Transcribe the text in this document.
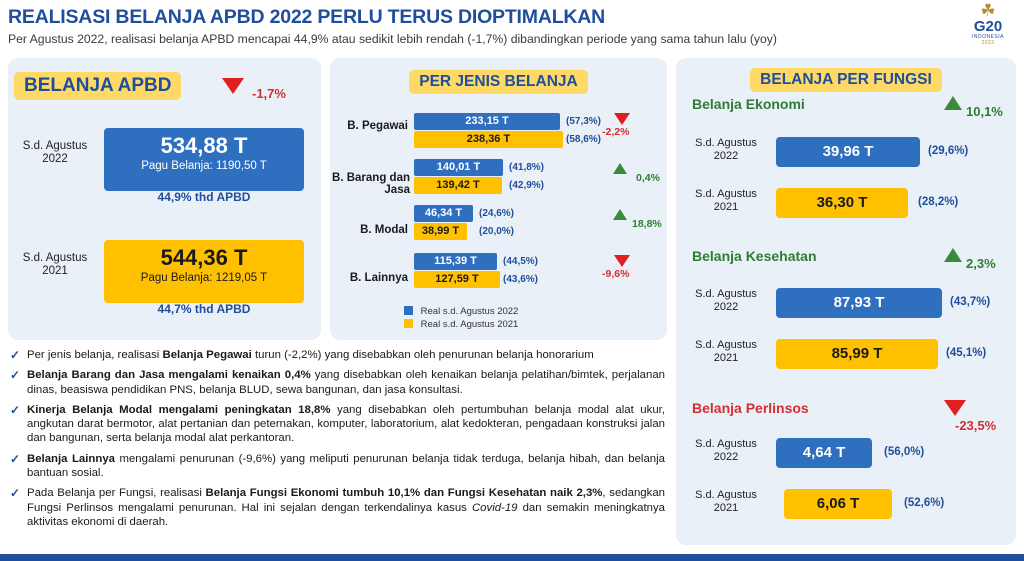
REALISASI BELANJA APBD 2022 PERLU TERUS DIOPTIMALKAN
Per Agustus 2022, realisasi belanja APBD mencapai 44,9% atau sedikit lebih rendah (-1,7%) dibandingkan periode yang sama tahun lalu (yoy)
☘
G20
INDONESIA
2022
BELANJA APBD	-1,7%
S.d. Agustus
2022
534,88 T
Pagu Belanja: 1190,50 T
44,9% thd APBD
S.d. Agustus
2021
544,36 T
Pagu Belanja: 1219,05 T
44,7% thd APBD
PER JENIS BELANJA
B. Pegawai	233,15 T	(57,3%)
238,36 T	(58,6%)
-2,2%
B. Barang dan Jasa
140,01 T	(41,8%)
139,42 T	(42,9%)
0,4%
B. Modal
46,34 T	(24,6%)
38,99 T	(20,0%)
18,8%
B. Lainnya
115,39 T	(44,5%)
127,59 T	(43,6%)	-9,6%
Real s.d. Agustus 2022
Real s.d. Agustus 2021
BELANJA PER FUNGSI
Belanja Ekonomi	10,1%
S.d. Agustus
2022	39,96 T	(29,6%)
S.d. Agustus
2021	36,30 T	(28,2%)
Belanja Kesehatan	2,3%
S.d. Agustus
2022	87,93 T	(43,7%)
S.d. Agustus
2021	85,99 T	(45,1%)
Belanja Perlinsos
-23,5%
S.d. Agustus
2022	4,64 T	(56,0%)
S.d. Agustus
2021	6,06 T	(52,6%)
✓ Per jenis belanja, realisasi Belanja Pegawai turun (-2,2%) yang disebabkan oleh penurunan belanja honorarium
✓ Belanja Barang dan Jasa mengalami kenaikan 0,4% yang disebabkan oleh kenaikan belanja pelatihan/bimtek, perjalanan dinas, beasiswa pendidikan PNS, belanja BLUD, sewa bangunan, dan jasa konsultasi.
✓ Kinerja Belanja Modal mengalami peningkatan 18,8% yang disebabkan oleh pertumbuhan belanja modal alat ukur, angkutan darat bermotor, alat pertanian dan peternakan, komputer, laboratorium, alat kedokteran, pengadaan konstruksi jalan dan bangunan, serta belanja modal alat perkantoran.
✓ Belanja Lainnya mengalami penurunan (-9,6%) yang meliputi penurunan belanja tidak terduga, belanja hibah, dan belanja bantuan sosial.
✓ Pada Belanja per Fungsi, realisasi Belanja Fungsi Ekonomi tumbuh 10,1% dan Fungsi Kesehatan naik 2,3%, sedangkan Fungsi Perlinsos mengalami penurunan. Hal ini sejalan dengan terkendalinya kasus Covid-19 dan semakin meningkatnya aktivitas ekonomi di daerah.
